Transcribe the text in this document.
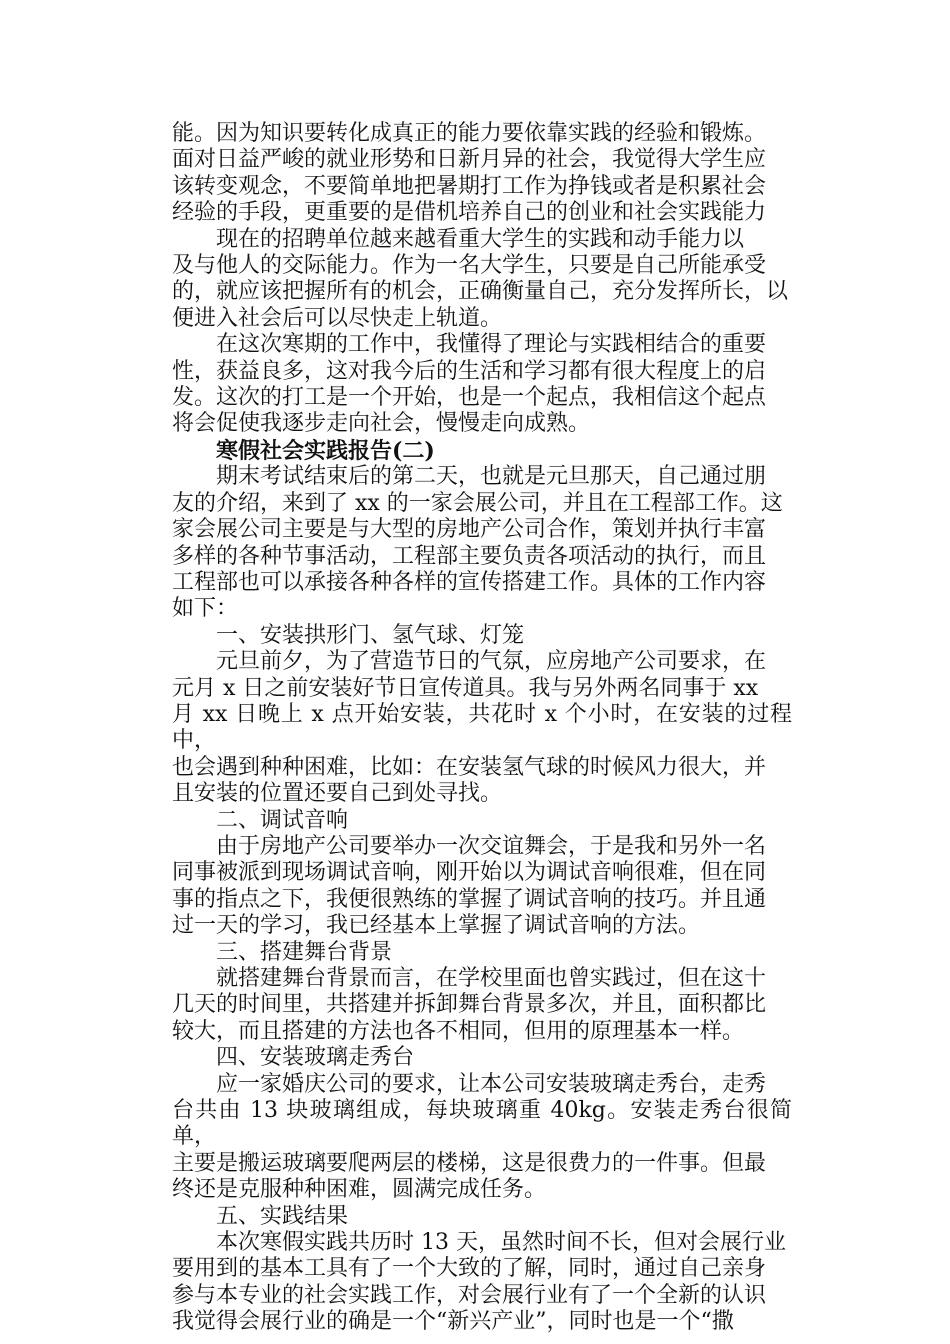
能。因为知识要转化成真正的能力要依靠实践的经验和锻炼。
面对日益严峻的就业形势和日新月异的社会，我觉得大学生应
该转变观念，不要简单地把暑期打工作为挣钱或者是积累社会
经验的手段，更重要的是借机培养自己的创业和社会实践能力

现在的招聘单位越来越看重大学生的实践和动手能力以
及与他人的交际能力。作为一名大学生，只要是自己所能承受
的，就应该把握所有的机会，正确衡量自己，充分发挥所长，以
便进入社会后可以尽快走上轨道。

在这次寒期的工作中，我懂得了理论与实践相结合的重要
性，获益良多，这对我今后的生活和学习都有很大程度上的启
发。这次的打工是一个开始，也是一个起点，我相信这个起点
将会促使我逐步走向社会，慢慢走向成熟。

寒假社会实践报告(二)

期末考试结束后的第二天，也就是元旦那天，自己通过朋
友的介绍，来到了 xx 的一家会展公司，并且在工程部工作。这
家会展公司主要是与大型的房地产公司合作，策划并执行丰富
多样的各种节事活动，工程部主要负责各项活动的执行，而且
工程部也可以承接各种各样的宣传搭建工作。具体的工作内容
如下：

一、安装拱形门、氢气球、灯笼

元旦前夕，为了营造节日的气氛，应房地产公司要求，在
元月 x 日之前安装好节日宣传道具。我与另外两名同事于 xx
月 xx 日晚上 x 点开始安装，共花时 x 个小时，在安装的过程中，
也会遇到种种困难，比如：在安装氢气球的时候风力很大，并
且安装的位置还要自己到处寻找。

二、调试音响

由于房地产公司要举办一次交谊舞会，于是我和另外一名
同事被派到现场调试音响，刚开始以为调试音响很难，但在同
事的指点之下，我便很熟练的掌握了调试音响的技巧。并且通
过一天的学习，我已经基本上掌握了调试音响的方法。

三、搭建舞台背景

就搭建舞台背景而言，在学校里面也曾实践过，但在这十
几天的时间里，共搭建并拆卸舞台背景多次，并且，面积都比
较大，而且搭建的方法也各不相同，但用的原理基本一样。

四、安装玻璃走秀台

应一家婚庆公司的要求，让本公司安装玻璃走秀台，走秀
台共由 13 块玻璃组成，每块玻璃重 40kg。安装走秀台很简单，
主要是搬运玻璃要爬两层的楼梯，这是很费力的一件事。但最
终还是克服种种困难，圆满完成任务。

五、实践结果

本次寒假实践共历时 13 天，虽然时间不长，但对会展行业
要用到的基本工具有了一个大致的了解，同时，通过自己亲身
参与本专业的社会实践工作，对会展行业有了一个全新的认识
我觉得会展行业的确是一个“新兴产业”，同时也是一个“撒
